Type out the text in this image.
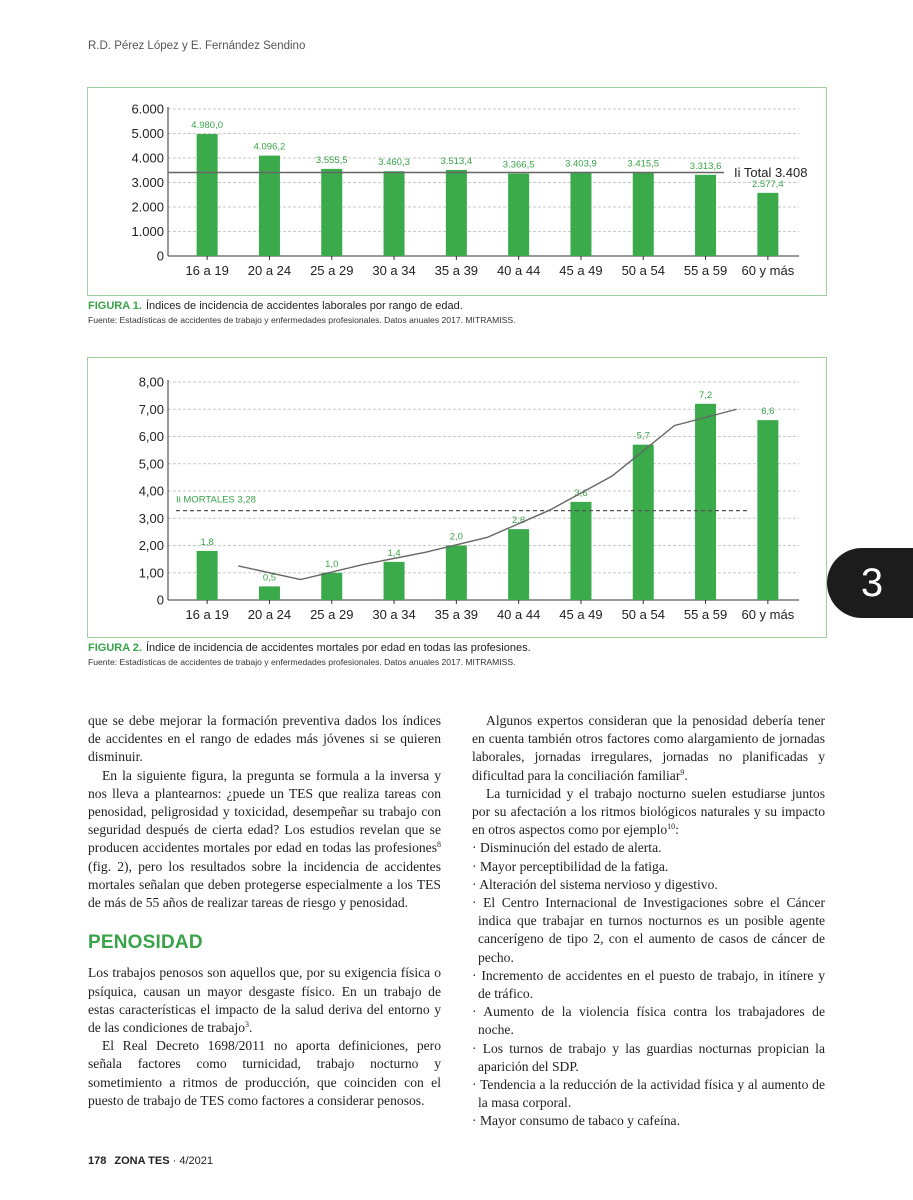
R.D. Pérez López y E. Fernández Sendino
0
1.000
2.000
3.000
4.000
5.000
6.000
4.980,0
16 a 19
4.096,2
20 a 24
3.555,5
25 a 29
3.460,3
30 a 34
3.513,4
35 a 39
3.366,5
40 a 44
3.403,9
45 a 49
3.415,5
50 a 54
3.313,6
55 a 59
2.577,4
60 y más
Ii Total 3.408
FIGURA 1. Índices de incidencia de accidentes laborales por rango de edad.
Fuente: Estadísticas de accidentes de trabajo y enfermedades profesionales. Datos anuales 2017. MITRAMISS.
0
1,00
2,00
3,00
4,00
5,00
6,00
7,00
8,00
1,8
16 a 19
0,5
20 a 24
1,0
25 a 29
1,4
30 a 34
2,0
35 a 39
2,6
40 a 44
3,6
45 a 49
5,7
50 a 54
7,2
55 a 59
6,6
60 y más
Ii MORTALES 3,28
FIGURA 2. Índice de incidencia de accidentes mortales por edad en todas las profesiones.
Fuente: Estadísticas de accidentes de trabajo y enfermedades profesionales. Datos anuales 2017. MITRAMISS.
3

que se debe mejorar la formación preventiva dados los índices de accidentes en el rango de edades más jóvenes si se quieren disminuir.

En la siguiente figura, la pregunta se formula a la inversa y nos lleva a plantearnos: ¿puede un TES que realiza tareas con penosidad, peligrosidad y toxicidad, desempeñar su trabajo con seguridad después de cierta edad? Los estudios revelan que se producen accidentes mortales por edad en todas las profesiones$^8$ (fig. 2), pero los resultados sobre la incidencia de accidentes mortales señalan que deben protegerse especialmente a los TES de más de 55 años de realizar tareas de riesgo y penosidad.

PENOSIDAD

Los trabajos penosos son aquellos que, por su exigencia física o psíquica, causan un mayor desgaste físico. En un trabajo de estas características el impacto de la salud deriva del entorno y de las condiciones de trabajo$^3$.

El Real Decreto 1698/2011 no aporta definiciones, pero señala factores como turnicidad, trabajo nocturno y sometimiento a ritmos de producción, que coinciden con el puesto de trabajo de TES como factores a considerar penosos.

Algunos expertos consideran que la penosidad debería tener en cuenta también otros factores como alargamiento de jornadas laborales, jornadas irregulares, jornadas no planificadas y dificultad para la conciliación familiar$^9$.

La turnicidad y el trabajo nocturno suelen estudiarse juntos por su afectación a los ritmos biológicos naturales y su impacto en otros aspectos como por ejemplo$^{10}$:

· Disminución del estado de alerta.
· Mayor perceptibilidad de la fatiga.
· Alteración del sistema nervioso y digestivo.
· El Centro Internacional de Investigaciones sobre el Cáncer indica que trabajar en turnos nocturnos es un posible agente cancerígeno de tipo 2, con el aumento de casos de cáncer de pecho.
· Incremento de accidentes en el puesto de trabajo, in itínere y de tráfico.
· Aumento de la violencia física contra los trabajadores de noche.
· Los turnos de trabajo y las guardias nocturnas propician la aparición del SDP.
· Tendencia a la reducción de la actividad física y al aumento de la masa corporal.
· Mayor consumo de tabaco y cafeína.
178 ZONA TES · 4/2021
